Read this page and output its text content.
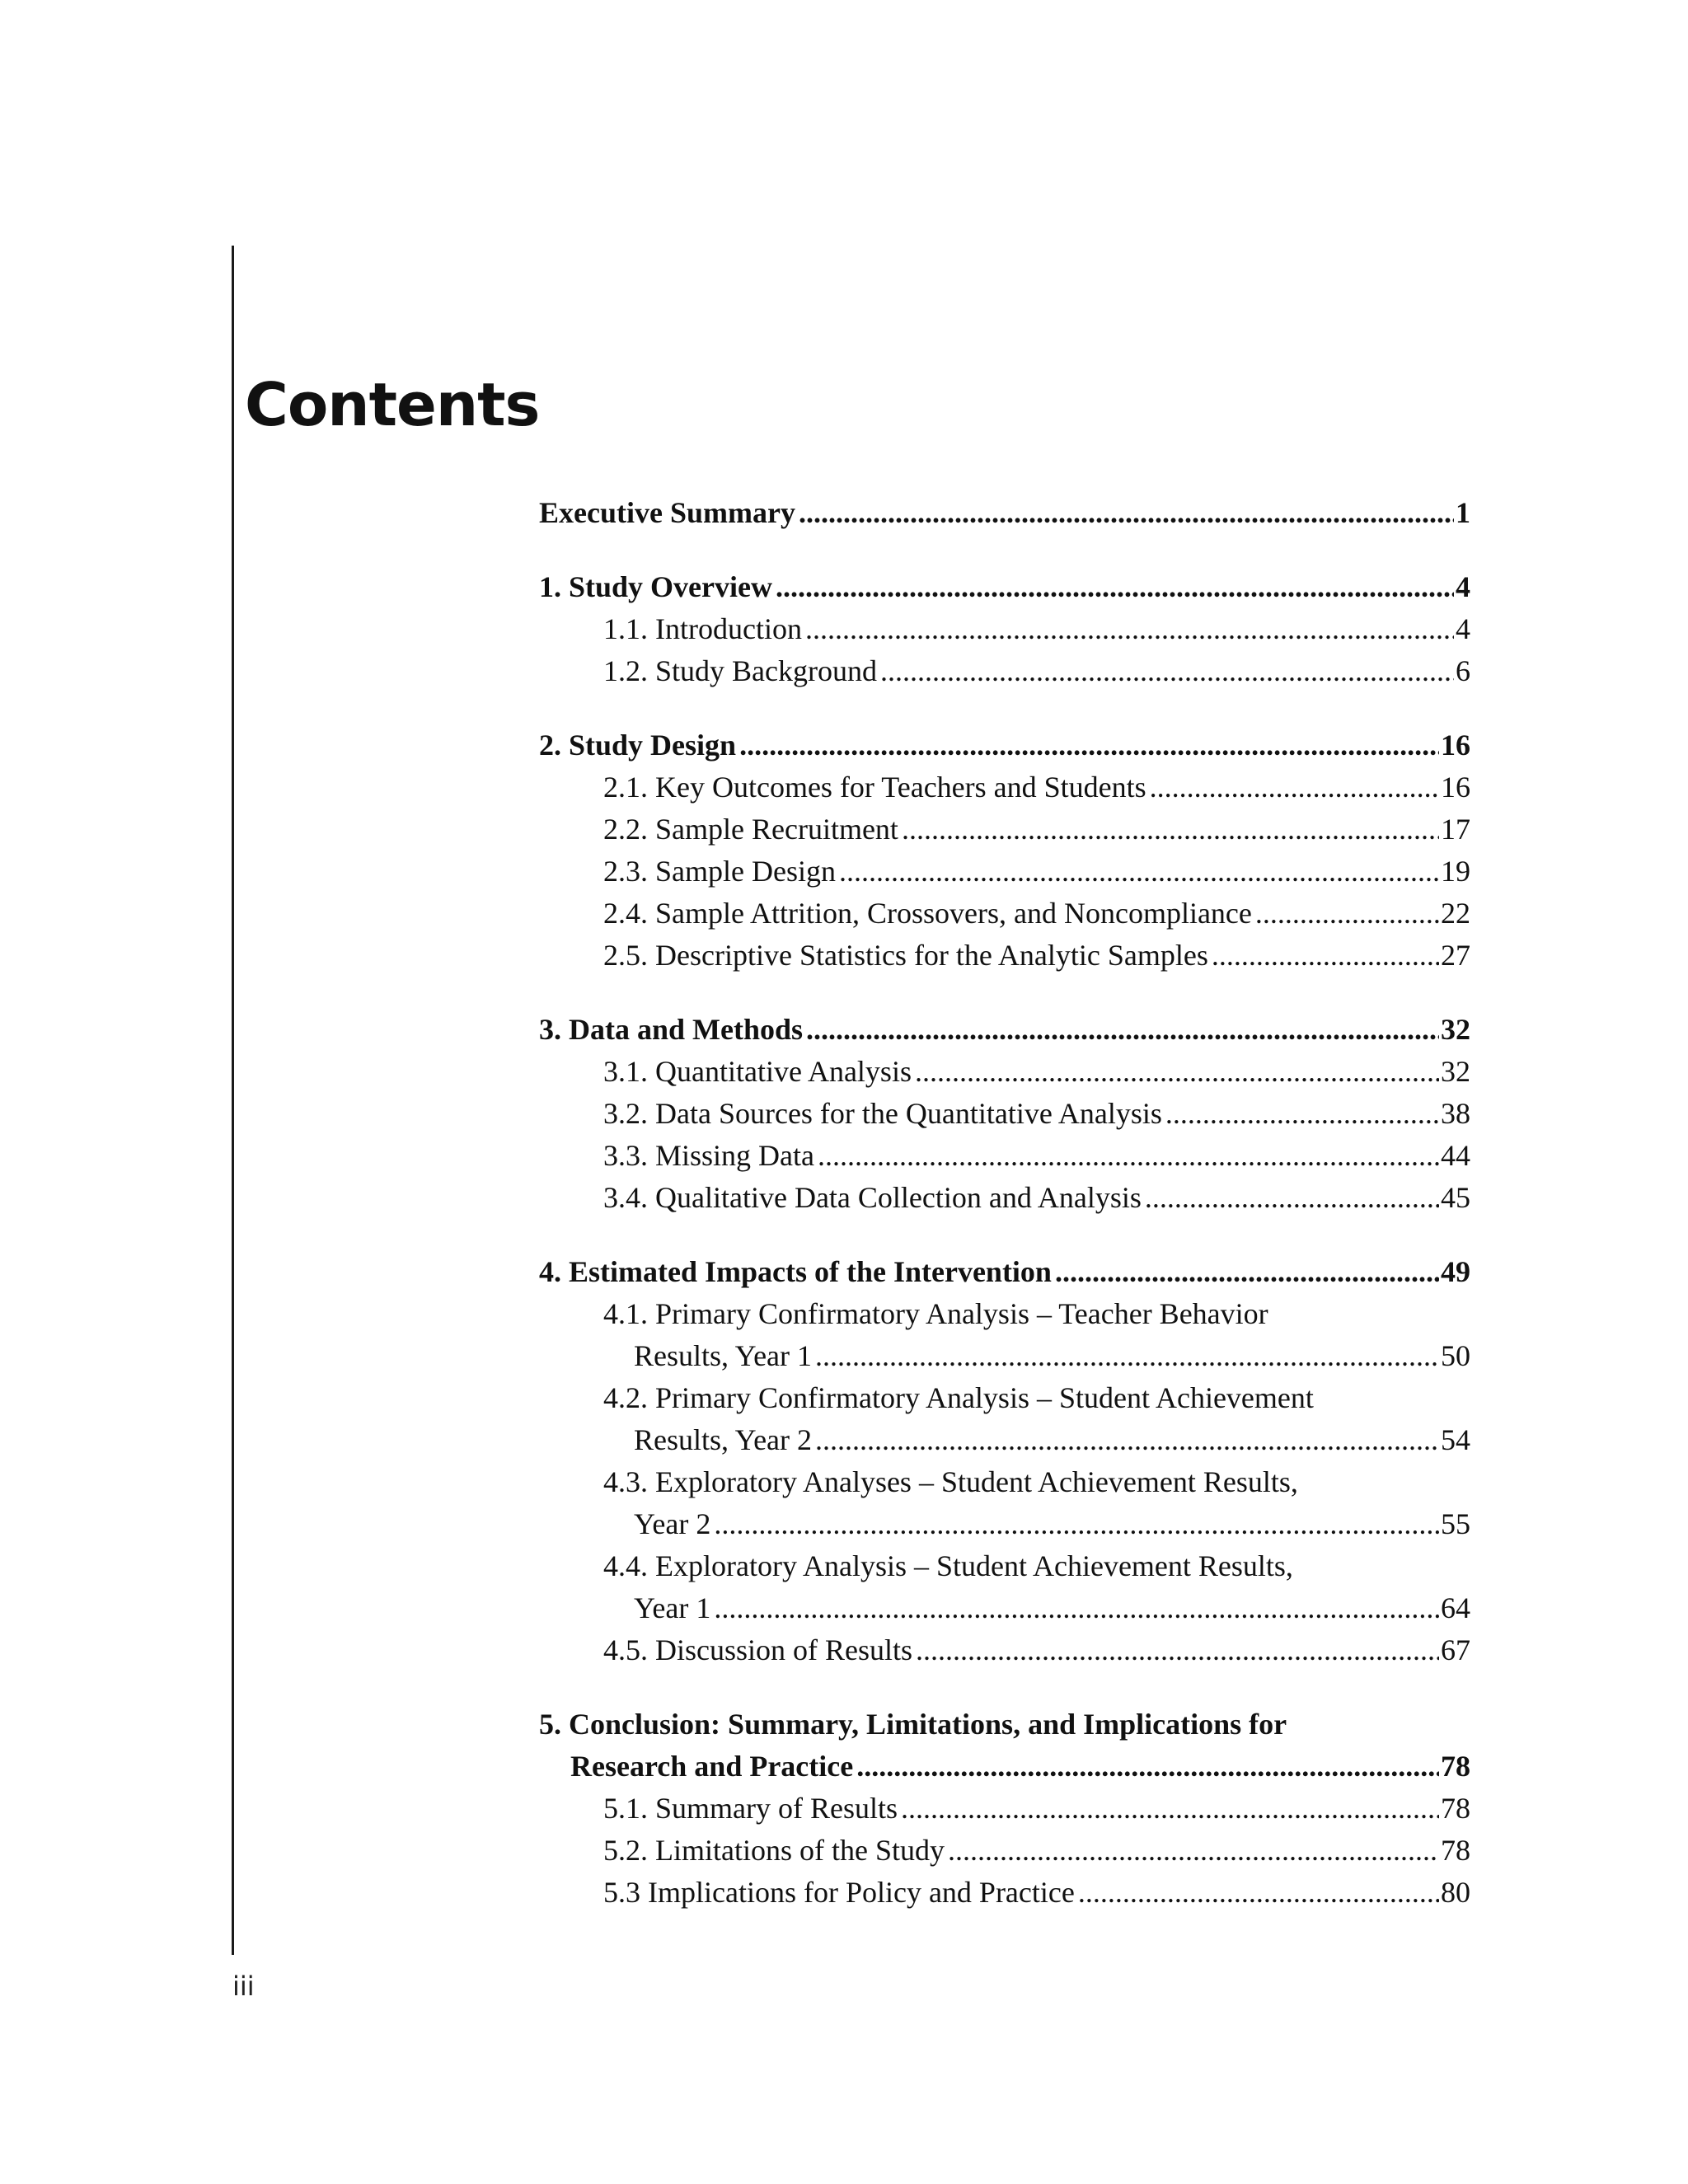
Contents
Executive Summary .....	1
1. Study Overview .....	4
1.1. Introduction .....	4
1.2. Study Background .....	6
2. Study Design .....	16
2.1. Key Outcomes for Teachers and Students .....	16
2.2. Sample Recruitment .....	17
2.3. Sample Design .....	19
2.4. Sample Attrition, Crossovers, and Noncompliance .....	22
2.5. Descriptive Statistics for the Analytic Samples .....	27
3. Data and Methods .....	32
3.1. Quantitative Analysis .....	32
3.2. Data Sources for the Quantitative Analysis .....	38
3.3. Missing Data .....	44
3.4. Qualitative Data Collection and Analysis .....	45
4. Estimated Impacts of the Intervention .....	49
4.1. Primary Confirmatory Analysis – Teacher Behavior
Results, Year 1 .....	50
4.2. Primary Confirmatory Analysis – Student Achievement
Results, Year 2 .....	54
4.3. Exploratory Analyses – Student Achievement Results,
Year 2 .....	55
4.4. Exploratory Analysis – Student Achievement Results,
Year 1 .....	64
4.5. Discussion of Results .....	67
5. Conclusion: Summary, Limitations, and Implications for
Research and Practice .....	78
5.1. Summary of Results .....	78
5.2. Limitations of the Study .....	78
5.3 Implications for Policy and Practice .....	80
iii
